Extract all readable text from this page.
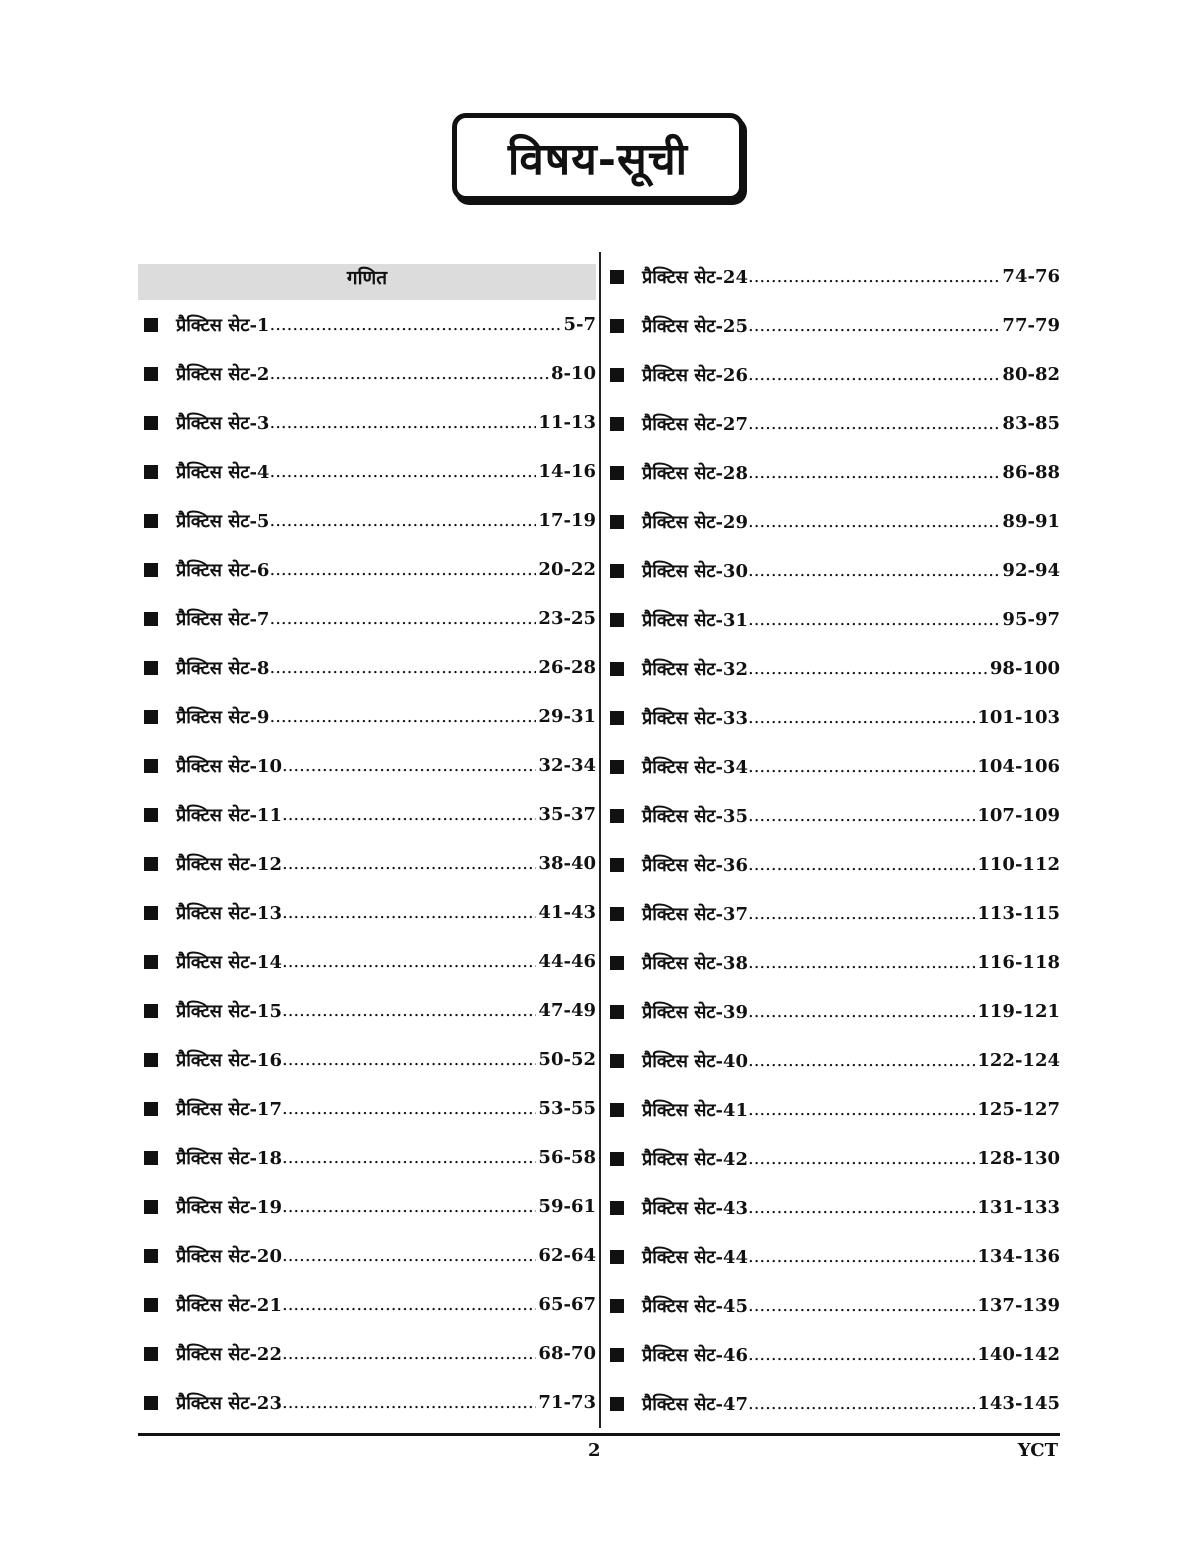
विषय-सूची
गणित
प्रैक्टिस सेट-1 .....	5-7
प्रैक्टिस सेट-2 .....	8-10
प्रैक्टिस सेट-3 .....	11-13
प्रैक्टिस सेट-4 .....	14-16
प्रैक्टिस सेट-5 .....	17-19
प्रैक्टिस सेट-6 .....	20-22
प्रैक्टिस सेट-7 .....	23-25
प्रैक्टिस सेट-8 .....	26-28
प्रैक्टिस सेट-9 .....	29-31
प्रैक्टिस सेट-10 .....	32-34
प्रैक्टिस सेट-11 .....	35-37
प्रैक्टिस सेट-12 .....	38-40
प्रैक्टिस सेट-13 .....	41-43
प्रैक्टिस सेट-14 .....	44-46
प्रैक्टिस सेट-15 .....	47-49
प्रैक्टिस सेट-16 .....	50-52
प्रैक्टिस सेट-17 .....	53-55
प्रैक्टिस सेट-18 .....	56-58
प्रैक्टिस सेट-19 .....	59-61
प्रैक्टिस सेट-20 .....	62-64
प्रैक्टिस सेट-21 .....	65-67
प्रैक्टिस सेट-22 .....	68-70
प्रैक्टिस सेट-23 .....	71-73
प्रैक्टिस सेट-24 .....	74-76
प्रैक्टिस सेट-25 .....	77-79
प्रैक्टिस सेट-26 .....	80-82
प्रैक्टिस सेट-27 .....	83-85
प्रैक्टिस सेट-28 .....	86-88
प्रैक्टिस सेट-29 .....	89-91
प्रैक्टिस सेट-30 .....	92-94
प्रैक्टिस सेट-31 .....	95-97
प्रैक्टिस सेट-32 .....	98-100
प्रैक्टिस सेट-33 .....	101-103
प्रैक्टिस सेट-34 .....	104-106
प्रैक्टिस सेट-35 .....	107-109
प्रैक्टिस सेट-36 .....	110-112
प्रैक्टिस सेट-37 .....	113-115
प्रैक्टिस सेट-38 .....	116-118
प्रैक्टिस सेट-39 .....	119-121
प्रैक्टिस सेट-40 .....	122-124
प्रैक्टिस सेट-41 .....	125-127
प्रैक्टिस सेट-42 .....	128-130
प्रैक्टिस सेट-43 .....	131-133
प्रैक्टिस सेट-44 .....	134-136
प्रैक्टिस सेट-45 .....	137-139
प्रैक्टिस सेट-46 .....	140-142
प्रैक्टिस सेट-47 .....	143-145
2	YCT
